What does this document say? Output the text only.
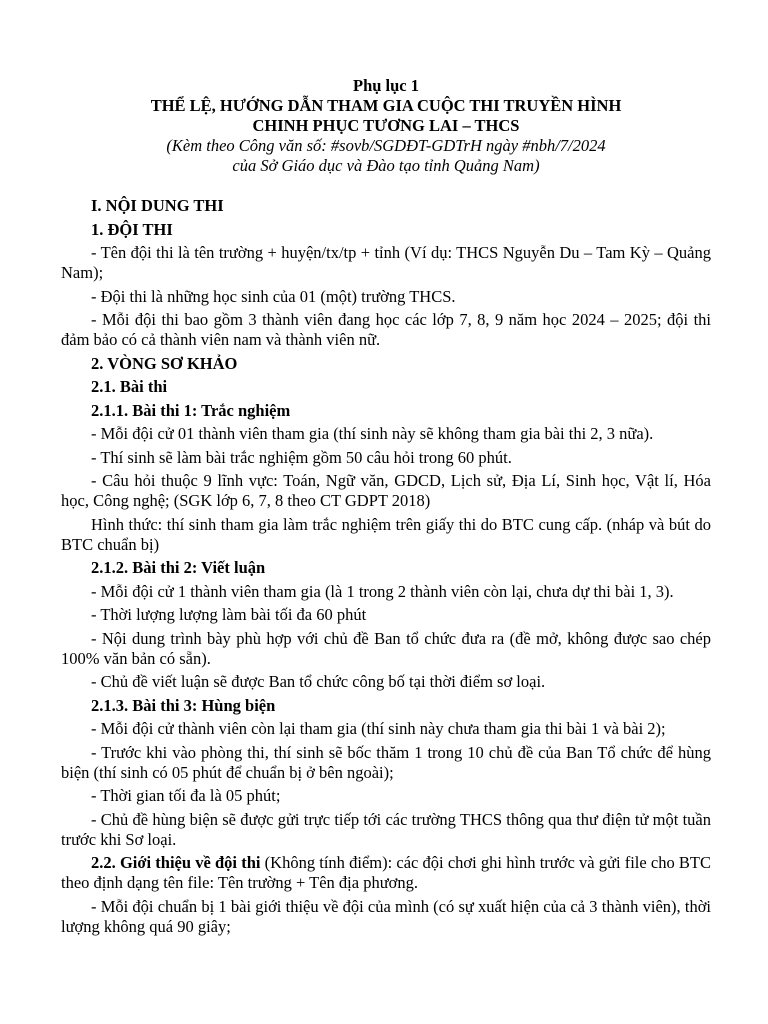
Phụ lục 1
THỂ LỆ, HƯỚNG DẪN THAM GIA CUỘC THI TRUYỀN HÌNH
CHINH PHỤC TƯƠNG LAI – THCS
(Kèm theo Công văn số: #sovb/SGDĐT-GDTrH ngày #nbh/7/2024
của Sở Giáo dục và Đào tạo tỉnh Quảng Nam)
I. NỘI DUNG THI
1. ĐỘI THI
- Tên đội thi là tên trường + huyện/tx/tp + tỉnh (Ví dụ: THCS Nguyễn Du – Tam Kỳ – Quảng Nam);
- Đội thi là những học sinh của 01 (một) trường THCS.
- Mỗi đội thi bao gồm 3 thành viên đang học các lớp 7, 8, 9 năm học 2024 – 2025; đội thi đảm bảo có cả thành viên nam và thành viên nữ.
2. VÒNG SƠ KHẢO
2.1. Bài thi
2.1.1. Bài thi 1: Trắc nghiệm
- Mỗi đội cử 01 thành viên tham gia (thí sinh này sẽ không tham gia bài thi 2, 3 nữa).
- Thí sinh sẽ làm bài trắc nghiệm gồm 50 câu hỏi trong 60 phút.
- Câu hỏi thuộc 9 lĩnh vực: Toán, Ngữ văn, GDCD, Lịch sử, Địa Lí, Sinh học, Vật lí, Hóa học, Công nghệ; (SGK lớp 6, 7, 8 theo CT GDPT 2018)
Hình thức: thí sinh tham gia làm trắc nghiệm trên giấy thi do BTC cung cấp. (nháp và bút do BTC chuẩn bị)
2.1.2. Bài thi 2: Viết luận
- Mỗi đội cử 1 thành viên tham gia (là 1 trong 2 thành viên còn lại, chưa dự thi bài 1, 3).
- Thời lượng lượng làm bài tối đa 60 phút
- Nội dung trình bày phù hợp với chủ đề Ban tổ chức đưa ra (đề mở, không được sao chép 100% văn bản có sẵn).
- Chủ đề viết luận sẽ được Ban tổ chức công bố tại thời điểm sơ loại.
2.1.3. Bài thi 3: Hùng biện
- Mỗi đội cử thành viên còn lại tham gia (thí sinh này chưa tham gia thi bài 1 và bài 2);
- Trước khi vào phòng thi, thí sinh sẽ bốc thăm 1 trong 10 chủ đề của Ban Tổ chức để hùng biện (thí sinh có 05 phút để chuẩn bị ở bên ngoài);
- Thời gian tối đa là 05 phút;
- Chủ đề hùng biện sẽ được gửi trực tiếp tới các trường THCS thông qua thư điện tử một tuần trước khi Sơ loại.
2.2. Giới thiệu về đội thi (Không tính điểm): các đội chơi ghi hình trước và gửi file cho BTC theo định dạng tên file: Tên trường + Tên địa phương.
- Mỗi đội chuẩn bị 1 bài giới thiệu về đội của mình (có sự xuất hiện của cả 3 thành viên), thời lượng không quá 90 giây;
